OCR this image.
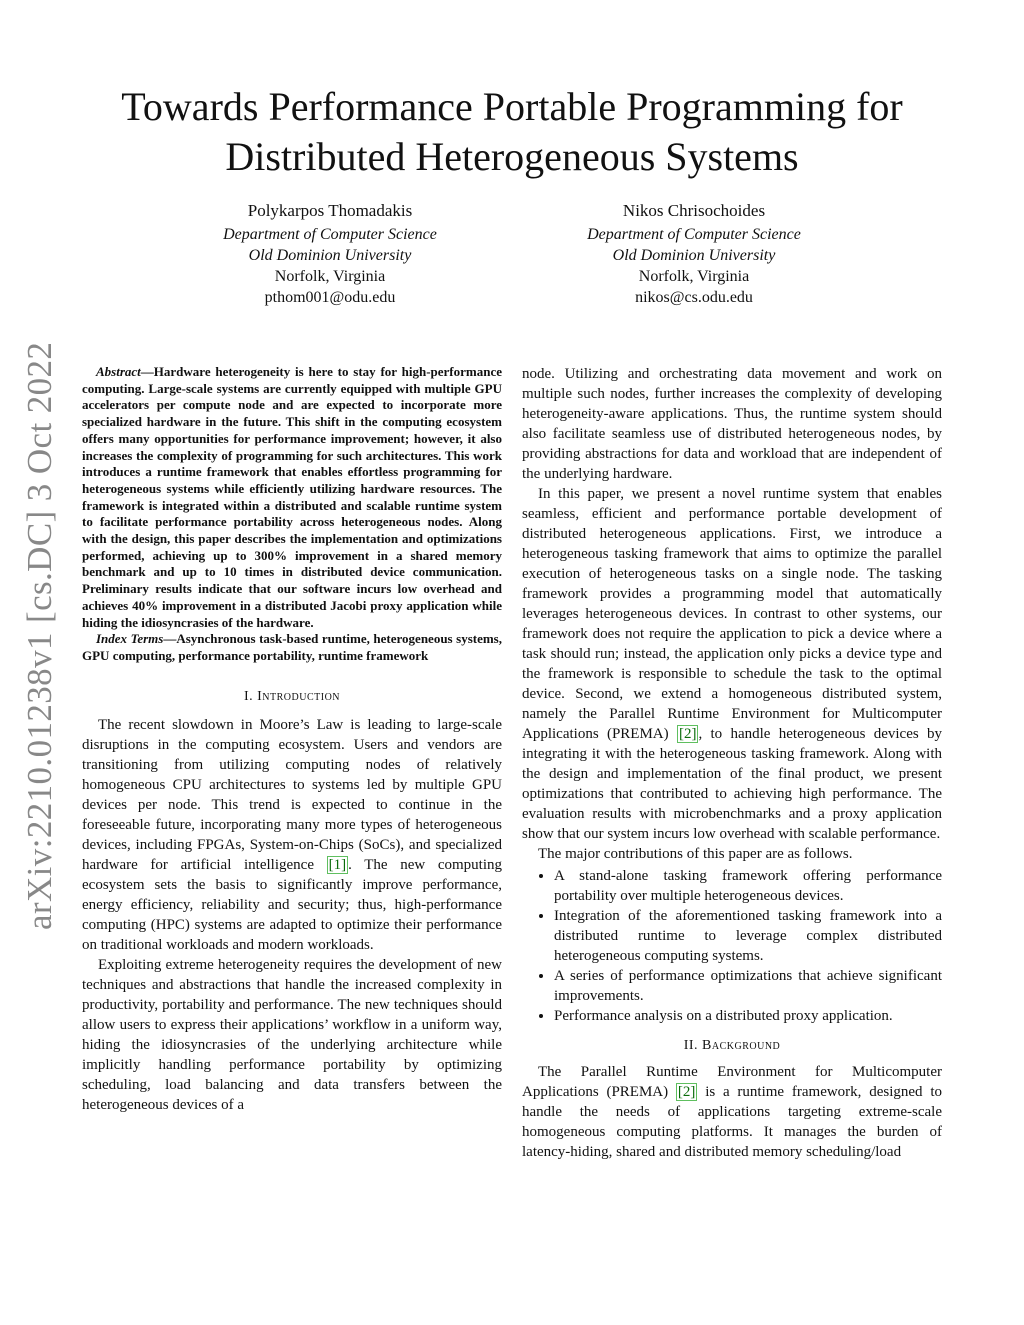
arXiv:2210.01238v1 [cs.DC] 3 Oct 2022
Towards Performance Portable Programming for Distributed Heterogeneous Systems
Polykarpos Thomadakis
Department of Computer Science
Old Dominion University
Norfolk, Virginia
pthom001@odu.edu
Nikos Chrisochoides
Department of Computer Science
Old Dominion University
Norfolk, Virginia
nikos@cs.odu.edu

Abstract—Hardware heterogeneity is here to stay for high-performance computing. Large-scale systems are currently equipped with multiple GPU accelerators per compute node and are expected to incorporate more specialized hardware in the future. This shift in the computing ecosystem offers many opportunities for performance improvement; however, it also increases the complexity of programming for such architectures. This work introduces a runtime framework that enables effortless programming for heterogeneous systems while efficiently utilizing hardware resources. The framework is integrated within a distributed and scalable runtime system to facilitate performance portability across heterogeneous nodes. Along with the design, this paper describes the implementation and optimizations performed, achieving up to 300% improvement in a shared memory benchmark and up to 10 times in distributed device communication. Preliminary results indicate that our software incurs low overhead and achieves 40% improvement in a distributed Jacobi proxy application while hiding the idiosyncrasies of the hardware.

Index Terms—Asynchronous task-based runtime, heterogeneous systems, GPU computing, performance portability, runtime framework

I. Introduction

The recent slowdown in Moore’s Law is leading to large-scale disruptions in the computing ecosystem. Users and vendors are transitioning from utilizing computing nodes of relatively homogeneous CPU architectures to systems led by multiple GPU devices per node. This trend is expected to continue in the foreseeable future, incorporating many more types of heterogeneous devices, including FPGAs, System-on-Chips (SoCs), and specialized hardware for artificial intelligence [1] . The new computing ecosystem sets the basis to significantly improve performance, energy efficiency, reliability and security; thus, high-performance computing (HPC) systems are adapted to optimize their performance on traditional workloads and modern workloads.

Exploiting extreme heterogeneity requires the development of new techniques and abstractions that handle the increased complexity in productivity, portability and performance. The new techniques should allow users to express their applications’ workflow in a uniform way, hiding the idiosyncrasies of the underlying architecture while implicitly handling performance portability by optimizing scheduling, load balancing and data transfers between the heterogeneous devices of a

node. Utilizing and orchestrating data movement and work on multiple such nodes, further increases the complexity of developing heterogeneity-aware applications. Thus, the runtime system should also facilitate seamless use of distributed heterogeneous nodes, by providing abstractions for data and workload that are independent of the underlying hardware.

In this paper, we present a novel runtime system that enables seamless, efficient and performance portable development of distributed heterogeneous applications. First, we introduce a heterogeneous tasking framework that aims to optimize the parallel execution of heterogeneous tasks on a single node. The tasking framework provides a programming model that automatically leverages heterogeneous devices. In contrast to other systems, our framework does not require the application to pick a device where a task should run; instead, the application only picks a device type and the framework is responsible to schedule the task to the optimal device. Second, we extend a homogeneous distributed system, namely the Parallel Runtime Environment for Multicomputer Applications (PREMA) [2] , to handle heterogeneous devices by integrating it with the heterogeneous tasking framework. Along with the design and implementation of the final product, we present optimizations that contributed to achieving high performance. The evaluation results with microbenchmarks and a proxy application show that our system incurs low overhead with scalable performance.

The major contributions of this paper are as follows.

• A stand-alone tasking framework offering performance portability over multiple heterogeneous devices.
• Integration of the aforementioned tasking framework into a distributed runtime to leverage complex distributed heterogeneous computing systems.
• A series of performance optimizations that achieve significant improvements.
• Performance analysis on a distributed proxy application.
II. Background

The Parallel Runtime Environment for Multicomputer Applications (PREMA) [2] is a runtime framework, designed to handle the needs of applications targeting extreme-scale homogeneous computing platforms. It manages the burden of latency-hiding, shared and distributed memory scheduling/load
